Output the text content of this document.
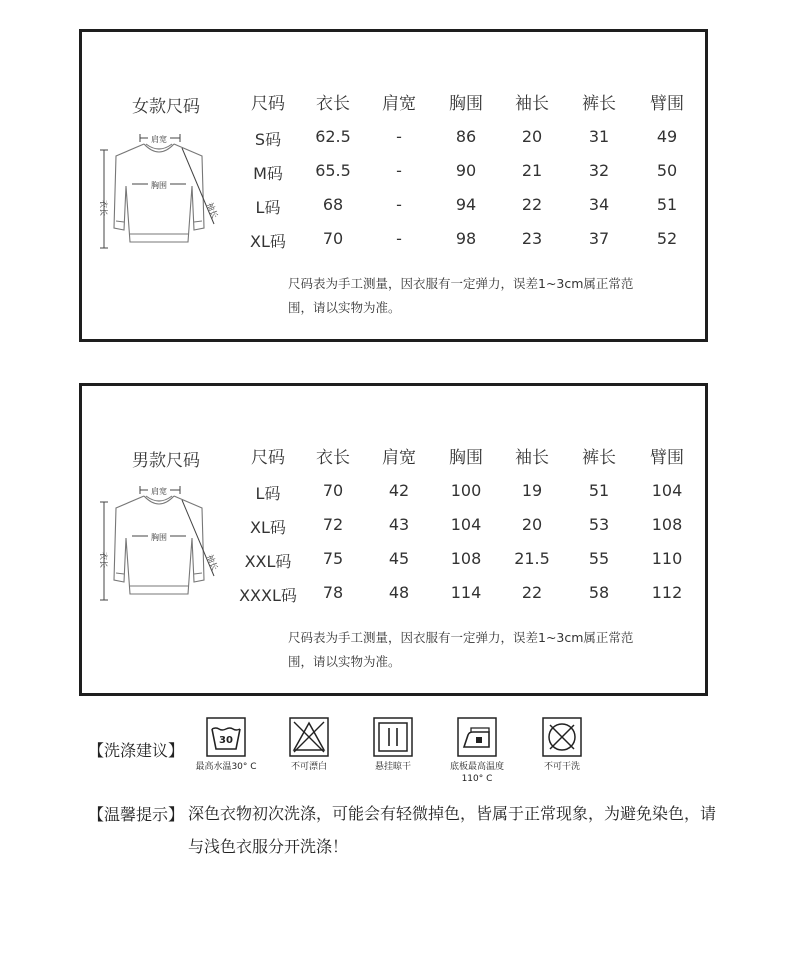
女款尺码
肩宽
胸围
衣长	袖长
尺码 衣长 肩宽 胸围 袖长 裤长 臂围
S码 62.5	-	86	20	31	49
M码 65.5	-	90	21	32	50
L码	68	-	94	22	34	51
XL码 70	-	98	23	37	52
尺码表为手工测量，因衣服有一定弹力，误差1~3cm属正常范
围，请以实物为准。
男款尺码
肩宽
胸围
衣长	袖长
尺码 衣长 肩宽 胸围 袖长 裤长 臂围
L码	70	42	100	19	51	104
XL码 72	43	104	20	53	108
XXL码 75	45	108 21.5 55	110
XXXL码 78	48	114	22	58	112
尺码表为手工测量，因衣服有一定弹力，误差1~3cm属正常范
围，请以实物为准。
【洗涤建议】
30
最高水温30° C	不可漂白	悬挂晾干	底板最高温度
110° C
不可干洗
【温馨提示】 深色衣物初次洗涤，可能会有轻微掉色，皆属于正常现象，为避免染色，请与浅色衣服分开洗涤！
